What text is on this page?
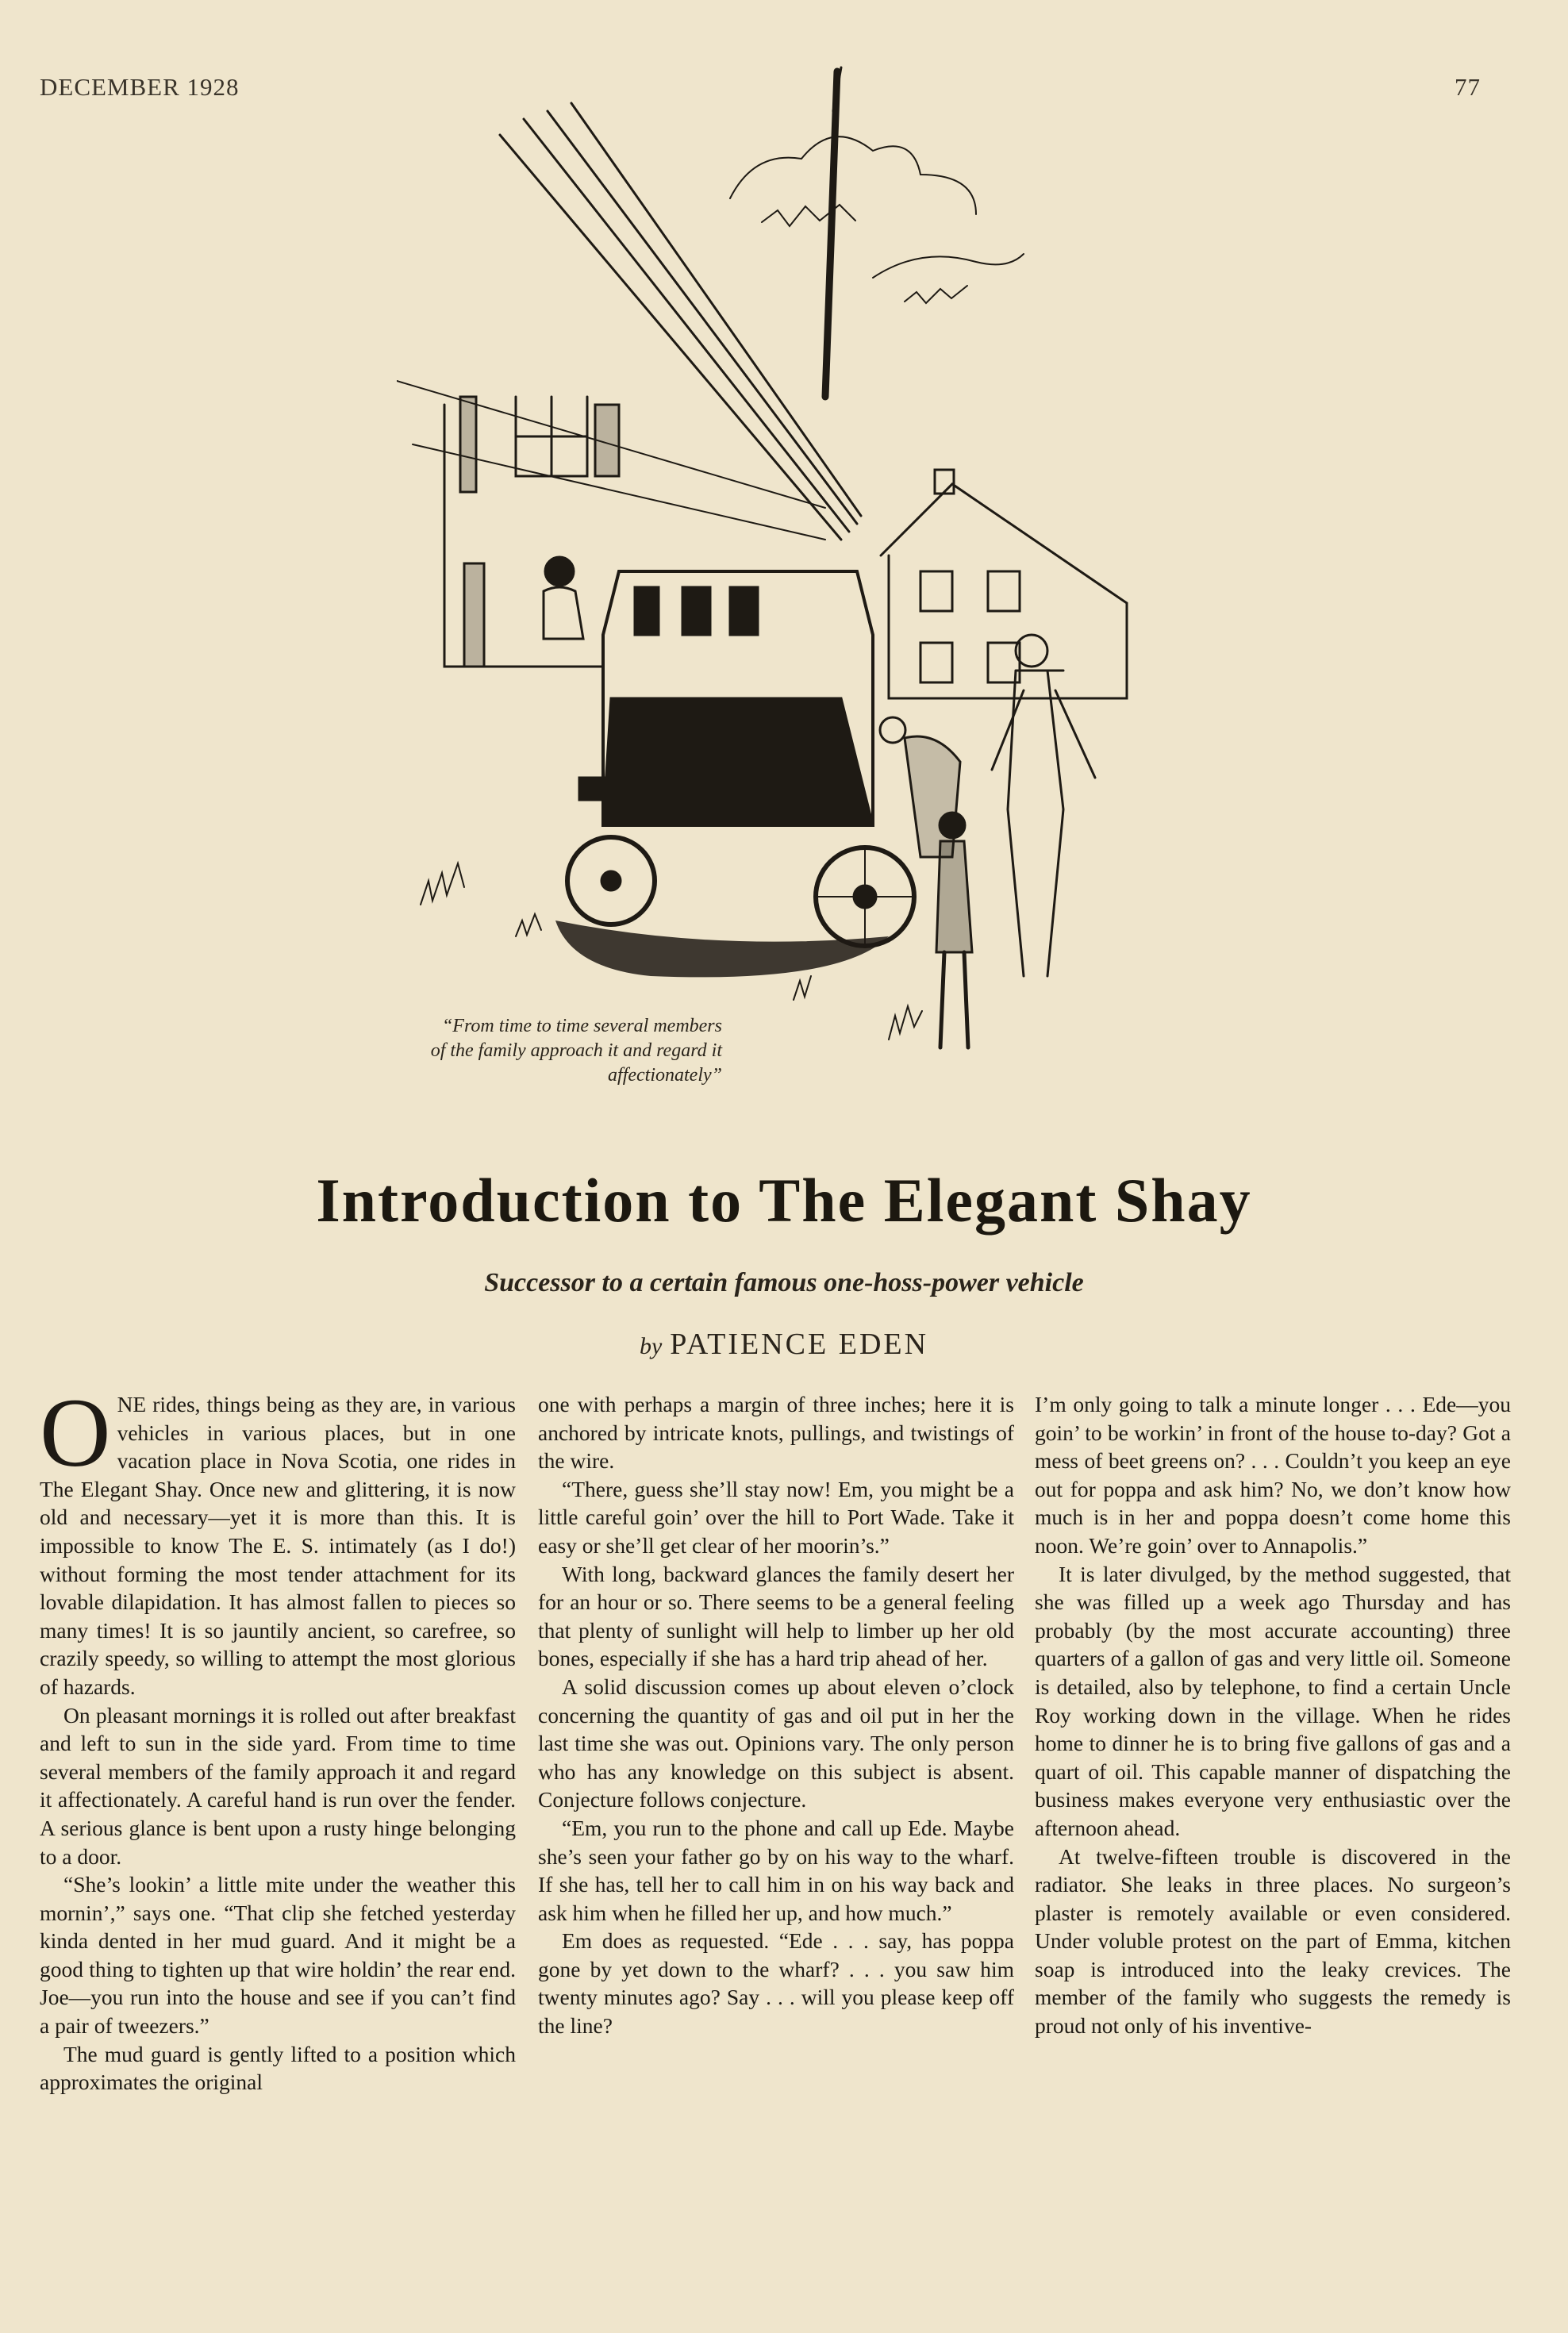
DECEMBER 1928	77
“From time to time several members of the family approach it and regard it affectionately”
Introduction to The Elegant Shay
Successor to a certain famous one-hoss-power vehicle
by PATIENCE EDEN

ONE rides, things being as they are, in various vehicles in various places, but in one vacation place in Nova Scotia, one rides in The Elegant Shay. Once new and glittering, it is now old and necessary—yet it is more than this. It is impossible to know The E. S. intimately (as I do!) without forming the most tender attachment for its lovable dilapidation. It has almost fallen to pieces so many times! It is so jauntily ancient, so carefree, so crazily speedy, so willing to attempt the most glorious of hazards.

On pleasant mornings it is rolled out after breakfast and left to sun in the side yard. From time to time several members of the family approach it and regard it affectionately. A careful hand is run over the fender. A serious glance is bent upon a rusty hinge belonging to a door.

“She’s lookin’ a little mite under the weather this mornin’,” says one. “That clip she fetched yesterday kinda dented in her mud guard. And it might be a good thing to tighten up that wire holdin’ the rear end. Joe—you run into the house and see if you can’t find a pair of tweezers.”

The mud guard is gently lifted to a position which approximates the original

one with perhaps a margin of three inches; here it is anchored by intricate knots, pullings, and twistings of the wire.

“There, guess she’ll stay now! Em, you might be a little careful goin’ over the hill to Port Wade. Take it easy or she’ll get clear of her moorin’s.”

With long, backward glances the family desert her for an hour or so. There seems to be a general feeling that plenty of sunlight will help to limber up her old bones, especially if she has a hard trip ahead of her.

A solid discussion comes up about eleven o’clock concerning the quantity of gas and oil put in her the last time she was out. Opinions vary. The only person who has any knowledge on this subject is absent. Conjecture follows conjecture.

“Em, you run to the phone and call up Ede. Maybe she’s seen your father go by on his way to the wharf. If she has, tell her to call him in on his way back and ask him when he filled her up, and how much.”

Em does as requested. “Ede . . . say, has poppa gone by yet down to the wharf? . . . you saw him twenty minutes ago? Say . . . will you please keep off the line?

I’m only going to talk a minute longer . . . Ede—you goin’ to be workin’ in front of the house to-day? Got a mess of beet greens on? . . . Couldn’t you keep an eye out for poppa and ask him? No, we don’t know how much is in her and poppa doesn’t come home this noon. We’re goin’ over to Annapolis.”

It is later divulged, by the method suggested, that she was filled up a week ago Thursday and has probably (by the most accurate accounting) three quarters of a gallon of gas and very little oil. Someone is detailed, also by telephone, to find a certain Uncle Roy working down in the village. When he rides home to dinner he is to bring five gallons of gas and a quart of oil. This capable manner of dispatching the business makes everyone very enthusiastic over the afternoon ahead.

At twelve-fifteen trouble is discovered in the radiator. She leaks in three places. No surgeon’s plaster is remotely available or even considered. Under voluble protest on the part of Emma, kitchen soap is introduced into the leaky crevices. The member of the family who suggests the remedy is proud not only of his inventive-
